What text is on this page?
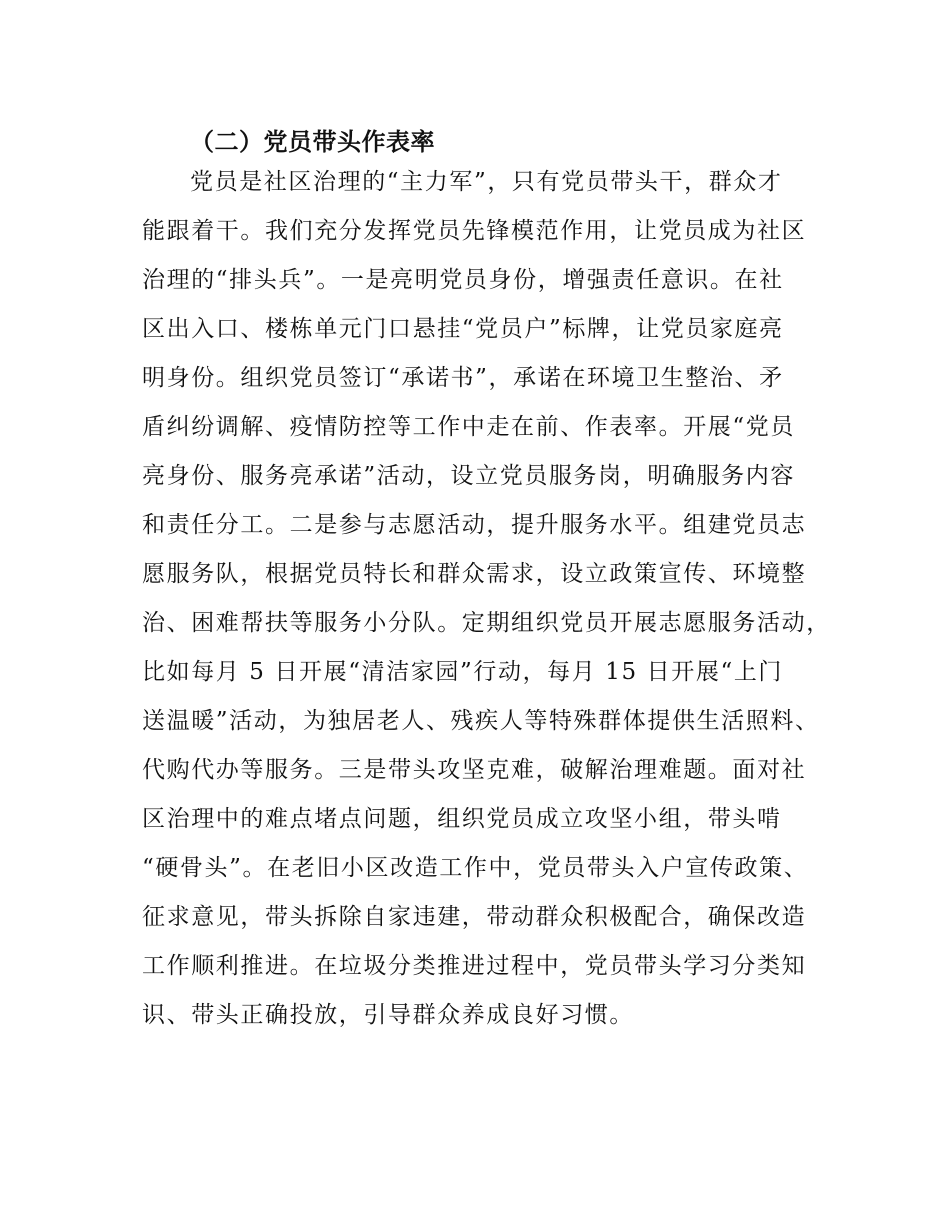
（二）党员带头作表率
党员是社区治理的“主力军”，只有党员带头干，群众才
能跟着干。我们充分发挥党员先锋模范作用，让党员成为社区
治理的“排头兵”。一是亮明党员身份，增强责任意识。在社
区出入口、楼栋单元门口悬挂“党员户”标牌，让党员家庭亮
明身份。组织党员签订“承诺书”，承诺在环境卫生整治、矛
盾纠纷调解、疫情防控等工作中走在前、作表率。开展“党员
亮身份、服务亮承诺”活动，设立党员服务岗，明确服务内容
和责任分工。二是参与志愿活动，提升服务水平。组建党员志
愿服务队，根据党员特长和群众需求，设立政策宣传、环境整
治、困难帮扶等服务小分队。定期组织党员开展志愿服务活动，
比如每月 5 日开展“清洁家园”行动，每月 15 日开展“上门
送温暖”活动，为独居老人、残疾人等特殊群体提供生活照料、
代购代办等服务。三是带头攻坚克难，破解治理难题。面对社
区治理中的难点堵点问题，组织党员成立攻坚小组，带头啃
“硬骨头”。在老旧小区改造工作中，党员带头入户宣传政策、
征求意见，带头拆除自家违建，带动群众积极配合，确保改造
工作顺利推进。在垃圾分类推进过程中，党员带头学习分类知
识、带头正确投放，引导群众养成良好习惯。
